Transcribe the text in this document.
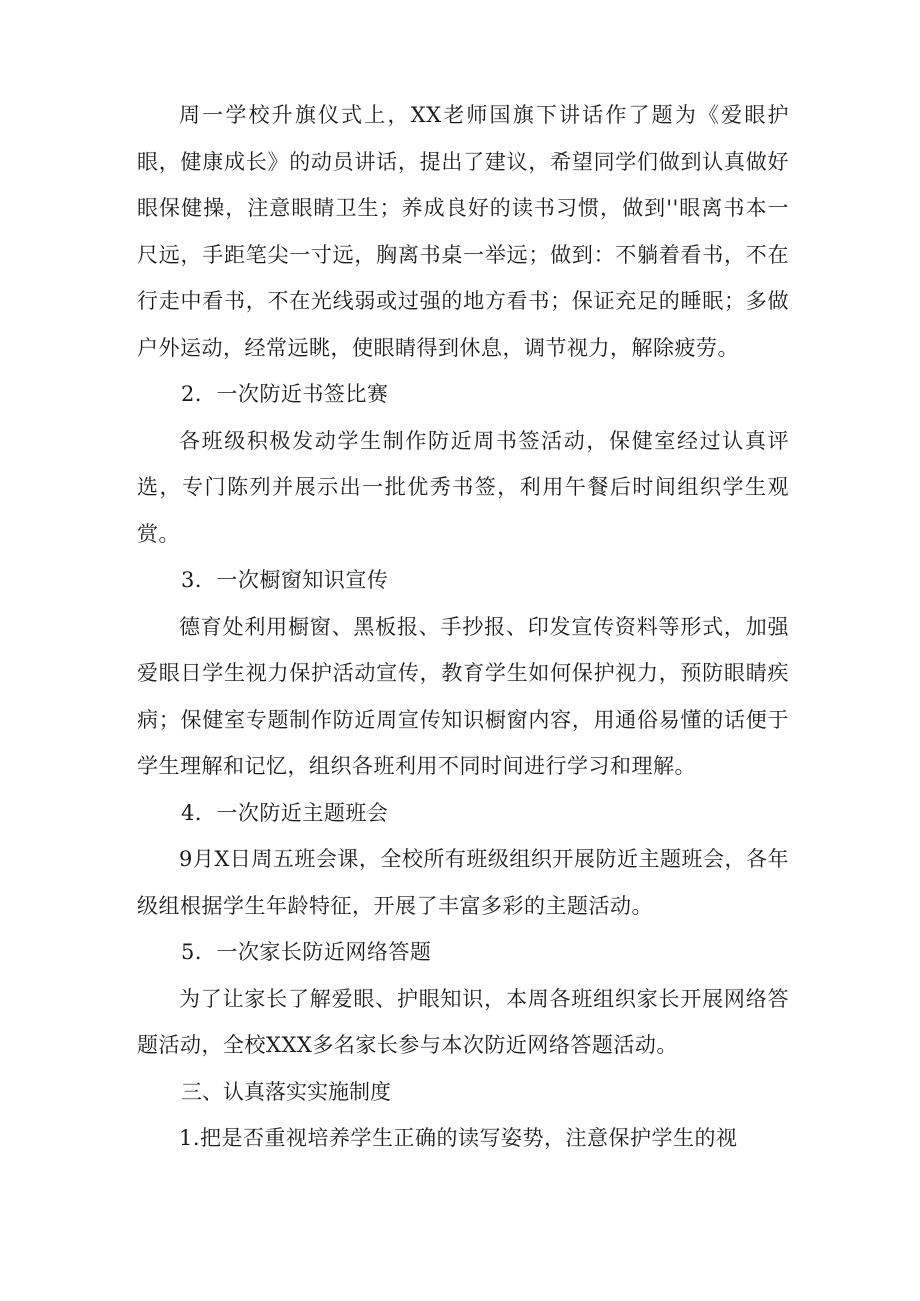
周一学校升旗仪式上，XX老师国旗下讲话作了题为《爱眼护眼，健康成长》的动员讲话，提出了建议，希望同学们做到认真做好眼保健操，注意眼睛卫生；养成良好的读书习惯，做到''眼离书本一尺远，手距笔尖一寸远，胸离书桌一举远；做到：不躺着看书，不在行走中看书，不在光线弱或过强的地方看书；保证充足的睡眠；多做户外运动，经常远眺，使眼睛得到休息，调节视力，解除疲劳。

2．一次防近书签比赛

各班级积极发动学生制作防近周书签活动，保健室经过认真评选，专门陈列并展示出一批优秀书签，利用午餐后时间组织学生观赏。

3．一次橱窗知识宣传

德育处利用橱窗、黑板报、手抄报、印发宣传资料等形式，加强爱眼日学生视力保护活动宣传，教育学生如何保护视力，预防眼睛疾病；保健室专题制作防近周宣传知识橱窗内容，用通俗易懂的话便于学生理解和记忆，组织各班利用不同时间进行学习和理解。

4．一次防近主题班会

9月X日周五班会课，全校所有班级组织开展防近主题班会，各年级组根据学生年龄特征，开展了丰富多彩的主题活动。

5．一次家长防近网络答题

为了让家长了解爱眼、护眼知识，本周各班组织家长开展网络答题活动，全校XXX多名家长参与本次防近网络答题活动。

三、认真落实实施制度

1.把是否重视培养学生正确的读写姿势，注意保护学生的视
